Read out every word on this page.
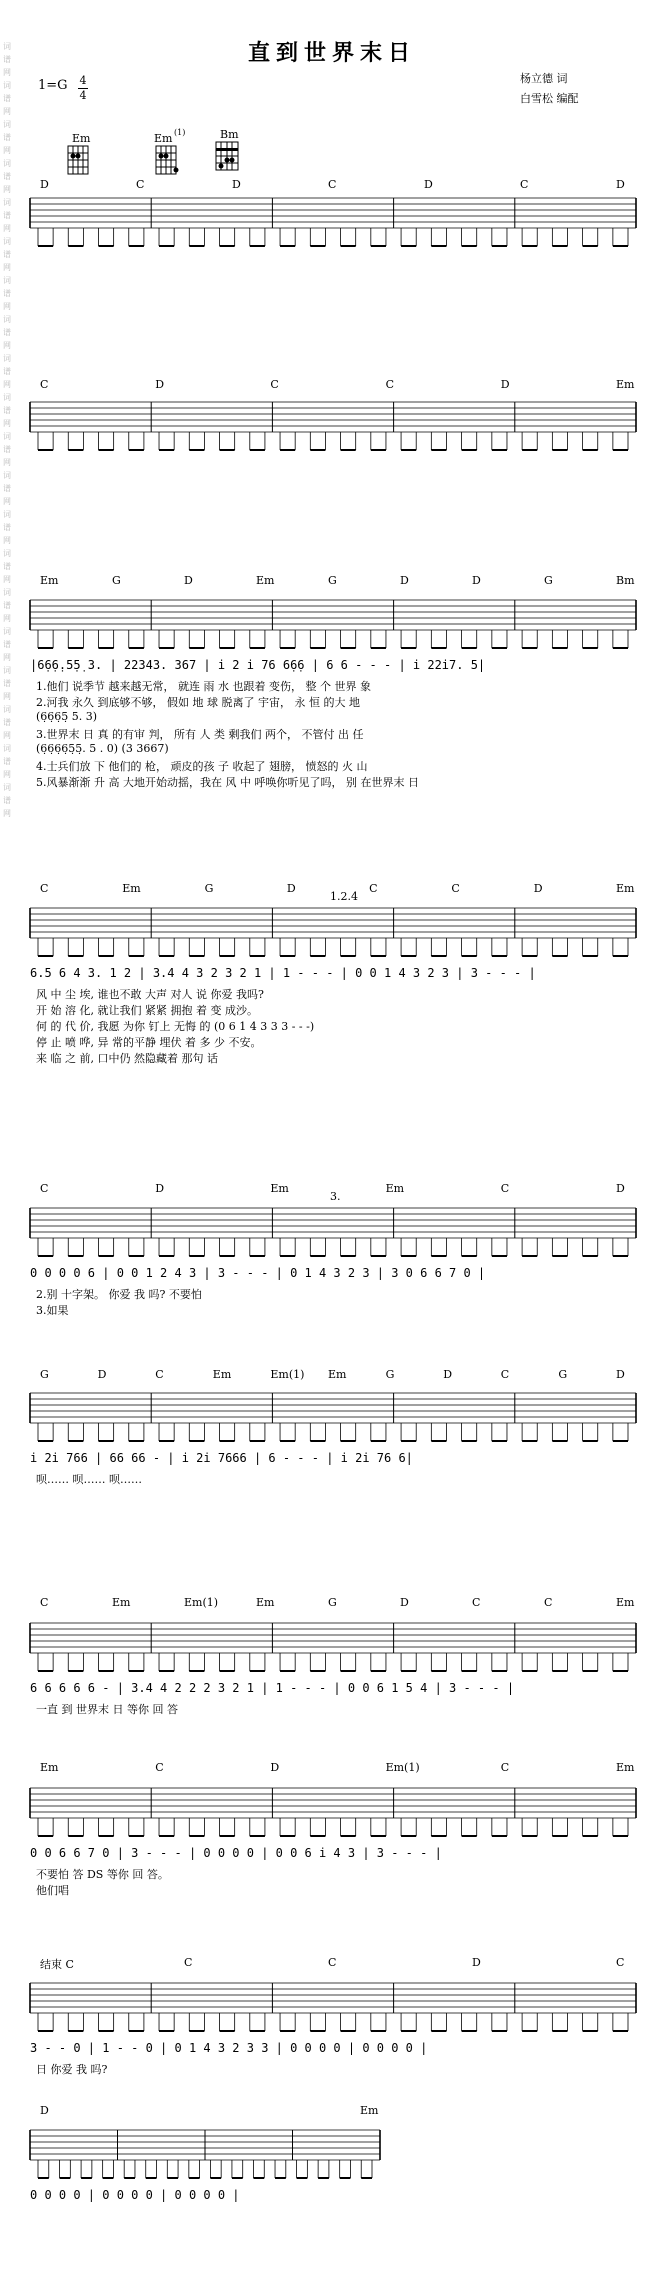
词
谱
网
词
谱
网
词
谱
网
词
谱
网
词
谱
网
词
谱
网
词
谱
网
词
谱
网
词
谱
网
词
谱
网
词
谱
网
词
谱
网
词
谱
网
词
谱
网
词
谱
网
词
谱
网
词
谱
网
词
谱
网
词
谱
网
词
谱
网
直到世界末日
1=G 4
4
杨立德 词
白雪松 编配
Em	Em (1)	Bm
D	C	D	C	D	C	D
C	D	C	C	D	Em
Em	G	D	Em	G	D	D	G	Bm
|6̣6̣6̣.5̣5̣ 3. | 22343. 367 | i 2 i 76 6̣6̣6 | 6 6 - - - | i 22i7. 5|
1.他们 说季节 越来越无常， 就连 雨 水 也跟着 变伤， 整 个 世界 象
2.河我 永久 到底够不够， 假如 地 球 脱离了 宇宙， 永 恒 的大 地
(6̣6̣6̣5̣ 5. 3)
3.世界末 日 真 的有审 判， 所有 人 类 剩我们 两个， 不管付 出 任
(6̣6̣6̣6̣5̣5̣. 5 . 0) (3 3667)
4.士兵们放 下 他们的 枪， 顽皮的孩 子 收起了 翅膀， 愤怒的 火 山
5.风暴渐渐 升 高 大地开始动摇，我在 风 中 呼唤你听见了吗， 别 在世界末 日
C	Em	G	D	C	C	D	Em
1.2.4
6.5 6 4 3. 1 2 | 3.4 4 3 2 3 2 1 | 1 - - - | 0 0 1 4 3 2 3 | 3 - - - |
风 中 尘 埃, 谁也不敢 大声 对人 说 你爱 我吗?
开 始 溶 化, 就让我们 紧紧 拥抱 着 变 成沙。
何 的 代 价, 我愿 为你 钉上 无悔 的 (0 6 1 4 3 3 3 - - -)
停 止 喷 哗, 异 常的平静 埋伏 着 多 少 不安。
来 临 之 前, 口中仍 然隐藏着 那句 话
C	D	Em	Em	C	D
3.
0 0 0 0 6 | 0 0 1 2 4 3 | 3 - - - | 0 1 4 3 2 3 | 3 0 6 6 7 0 |
2.别 十字架。 你爱 我 吗? 不要怕
3.如果
G	D	C	Em	Em(1) Em	G	D	C	G	D
i 2i 766 | 66 66 - | i 2i 7666 | 6 - - - | i 2i 76 6|
呗…… 呗…… 呗……
C	Em	Em(1)	Em	G	D	C	C	Em
6 6 6 6 6 - | 3.4 4 2 2 2 3 2 1 | 1 - - - | 0 0 6 1 5 4 | 3 - - - |
一直 到 世界末 日 等你 回 答
Em	C	D	Em(1)	C	Em
0 0 6 6 7 0 | 3 - - - | 0 0 0 0 | 0 0 6 i 4 3 | 3 - - - |
不要怕 答 DS 等你 回 答。
他们唱
结束 C	C	C	D	C
3 - - 0 | 1 - - 0 | 0 1 4 3 2 3 3 | 0 0 0 0 | 0 0 0 0 |
日 你爱 我 吗?
D	Em
0 0 0 0 | 0 0 0 0 | 0 0 0 0 |
